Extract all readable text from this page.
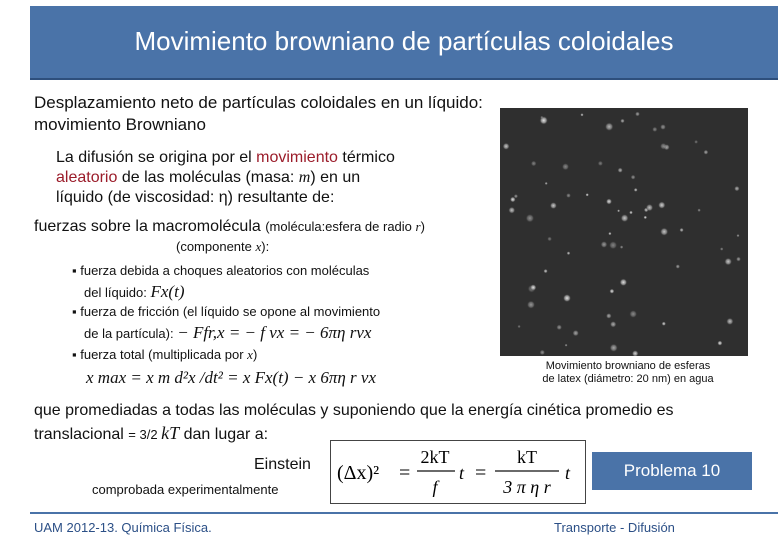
Movimiento browniano de partículas coloidales
Desplazamiento neto de partículas coloidales en un líquido:
movimiento Browniano
La difusión se origina por el movimiento térmico
aleatorio de las moléculas (masa: m) en un
líquido (de viscosidad: η) resultante de:
fuerzas sobre la macromolécula (molécula:esfera de radio r)
(componente x):
▪ fuerza debida a choques aleatorios con moléculas
del líquido: Fx(t)
▪ fuerza de fricción (el líquido se opone al movimiento
de la partícula): − Ffr,x = − f vx = − 6πη rvx
▪ fuerza total (multiplicada por x)
x max = x m d²x /dt² = x Fx(t) − x 6πη r vx
Movimiento browniano de esferas
de latex (diámetro: 20 nm) en agua
que promediadas a todas las moléculas y suponiendo que la energía cinética promedio es
translacional = 3/2 kT dan lugar a:
Einstein
comprobada experimentalmente
(Δx)² =
2kT
f
t =
kT
3 π η r
t	Problema 10
UAM 2012-13. Química Física.	Transporte - Difusión
